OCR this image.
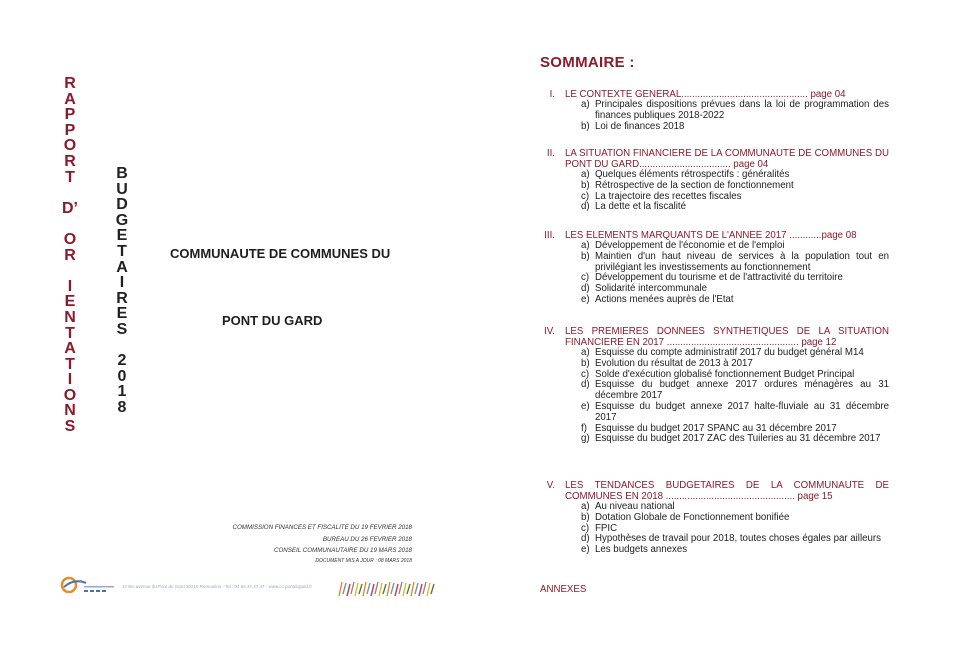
R
A
P
P
O
R
T
D’
O
R
I
E
N
T
A
T
I
O
N
S
B
U
D
G
E
T
A
I
R
E
S
2
0
1
8
COMMUNAUTE DE COMMUNES DU
PONT DU GARD
COMMISSION FINANCES ET FISCALITE DU 19 FEVRIER 2018
BUREAU DU 26 FEVRIER 2018
CONSEIL COMMUNAUTAIRE DU 19 MARS 2018
DOCUMENT MIS A JOUR : 08 MARS 2018
17 Bis avenue du Pont du Gard 30210 Remoulins - Tel : 04.66.37.47.47 - www.cc-pontdugard.fr
SOMMAIRE :
I.	LE CONTEXTE GENERAL............................................... page 04
a) Principales dispositions prévues dans la loi de programmation des finances publiques 2018-2022
b) Loi de finances 2018
II.	LA SITUATION FINANCIERE DE LA COMMUNAUTE DE COMMUNES DU PONT DU GARD.................................. page 04
a) Quelques éléments rétrospectifs : généralités
b) Rétrospective de la section de fonctionnement
c) La trajectoire des recettes fiscales
d) La dette et la fiscalité
III.	LES ELEMENTS MARQUANTS DE L'ANNEE 2017 ............page 08
a) Développement de l'économie et de l'emploi
b) Maintien d'un haut niveau de services à la population tout en privilégiant les investissements au fonctionnement
c) Développement du tourisme et de l'attractivité du territoire
d) Solidarité intercommunale
e) Actions menées auprès de l'Etat
IV.	LES PREMIERES DONNEES SYNTHETIQUES DE LA SITUATION FINANCIERE EN 2017 ................................................. page 12
a) Esquisse du compte administratif 2017 du budget général M14
b) Evolution du résultat de 2013 à 2017
c) Solde d'exécution globalisé fonctionnement Budget Principal
d) Esquisse du budget annexe 2017 ordures ménagères au 31 décembre 2017
e) Esquisse du budget annexe 2017 halte-fluviale au 31 décembre 2017
f) Esquisse du budget 2017 SPANC au 31 décembre 2017
g) Esquisse du budget 2017 ZAC des Tuileries au 31 décembre 2017
V.	LES TENDANCES BUDGETAIRES DE LA COMMUNAUTE DE COMMUNES EN 2018 ................................................ page 15
a) Au niveau national
b) Dotation Globale de Fonctionnement bonifiée
c) FPIC
d) Hypothèses de travail pour 2018, toutes choses égales par ailleurs
e) Les budgets annexes
ANNEXES
